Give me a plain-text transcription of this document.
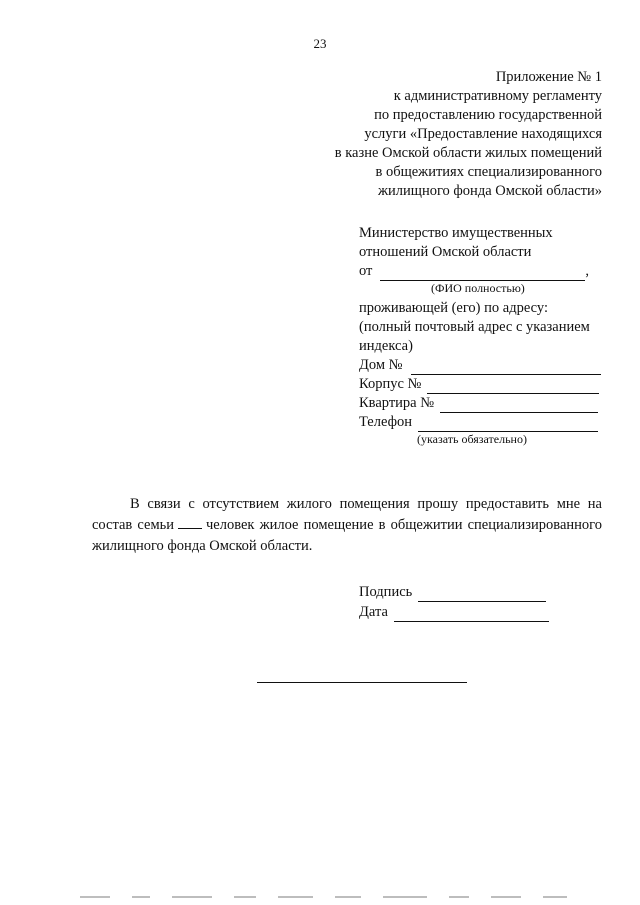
23
Приложение № 1
к административному регламенту
по предоставлению государственной
услуги «Предоставление находящихся
в казне Омской области жилых помещений
в общежитиях специализированного
жилищного фонда Омской области»
Министерство имущественных
отношений Омской области
от	,
(ФИО полностью)
проживающей (его) по адресу:
(полный почтовый адрес с указанием
индекса)
Дом №
Корпус №
Квартира №
Телефон
(указать обязательно)
В связи с отсутствием жилого помещения прошу предоставить мне на состав семьи человек жилое помещение в общежитии специализированного жилищного фонда Омской области.
Подпись
Дата
